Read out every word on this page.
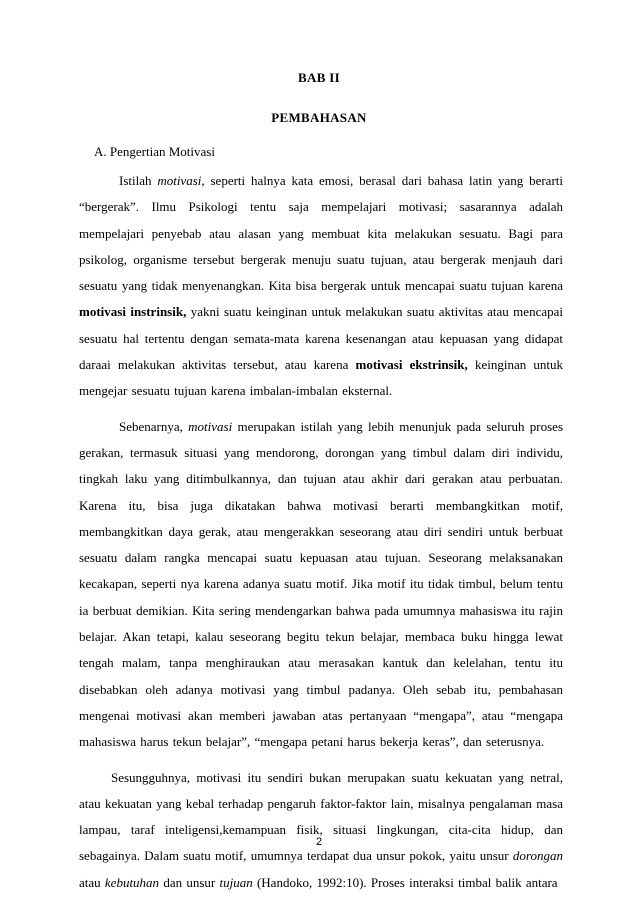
BAB II
PEMBAHASAN
A. Pengertian Motivasi

Istilah motivasi, seperti halnya kata emosi, berasal dari bahasa latin yang berarti “bergerak”. Ilmu Psikologi tentu saja mempelajari motivasi; sasarannya adalah mempelajari penyebab atau alasan yang membuat kita melakukan sesuatu. Bagi para psikolog, organisme tersebut bergerak menuju suatu tujuan, atau bergerak menjauh dari sesuatu yang tidak menyenangkan. Kita bisa bergerak untuk mencapai suatu tujuan karena motivasi instrinsik, yakni suatu keinginan untuk melakukan suatu aktivitas atau mencapai sesuatu hal tertentu dengan semata-mata karena kesenangan atau kepuasan yang didapat daraai melakukan aktivitas tersebut, atau karena motivasi ekstrinsik, keinginan untuk mengejar sesuatu tujuan karena imbalan-imbalan eksternal.

Sebenarnya, motivasi merupakan istilah yang lebih menunjuk pada seluruh proses gerakan, termasuk situasi yang mendorong, dorongan yang timbul dalam diri individu, tingkah laku yang ditimbulkannya, dan tujuan atau akhir dari gerakan atau perbuatan. Karena itu, bisa juga dikatakan bahwa motivasi berarti membangkitkan motif, membangkitkan daya gerak, atau mengerakkan seseorang atau diri sendiri untuk berbuat sesuatu dalam rangka mencapai suatu kepuasan atau tujuan. Seseorang melaksanakan kecakapan, seperti nya karena adanya suatu motif. Jika motif itu tidak timbul, belum tentu ia berbuat demikian. Kita sering mendengarkan bahwa pada umumnya mahasiswa itu rajin belajar. Akan tetapi, kalau seseorang begitu tekun belajar, membaca buku hingga lewat tengah malam, tanpa menghiraukan atau merasakan kantuk dan kelelahan, tentu itu disebabkan oleh adanya motivasi yang timbul padanya. Oleh sebab itu, pembahasan mengenai motivasi akan memberi jawaban atas pertanyaan “mengapa”, atau “mengapa mahasiswa harus tekun belajar”, “mengapa petani harus bekerja keras”, dan seterusnya.

Sesungguhnya, motivasi itu sendiri bukan merupakan suatu kekuatan yang netral, atau kekuatan yang kebal terhadap pengaruh faktor-faktor lain, misalnya pengalaman masa lampau, taraf inteligensi,kemampuan fisik, situasi lingkungan, cita-cita hidup, dan sebagainya. Dalam suatu motif, umumnya terdapat dua unsur pokok, yaitu unsur dorongan atau kebutuhan dan unsur tujuan (Handoko, 1992:10). Proses interaksi timbal balik antara

2
